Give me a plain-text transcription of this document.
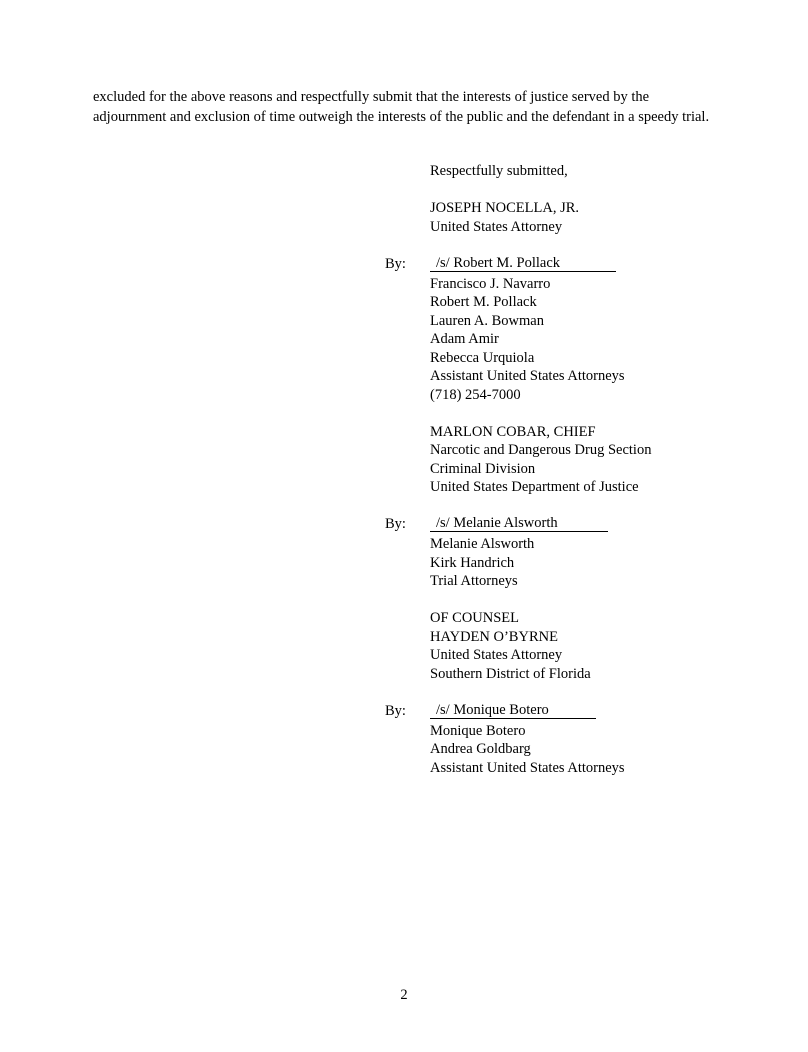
excluded for the above reasons and respectfully submit that the interests of justice served by the adjournment and exclusion of time outweigh the interests of the public and the defendant in a speedy trial.

Respectfully submitted,
JOSEPH NOCELLA, JR.
United States Attorney
By: /s/ Robert M. Pollack
Francisco J. Navarro
Robert M. Pollack
Lauren A. Bowman
Adam Amir
Rebecca Urquiola
Assistant United States Attorneys
(718) 254-7000
MARLON COBAR, CHIEF
Narcotic and Dangerous Drug Section
Criminal Division
United States Department of Justice
By: /s/ Melanie Alsworth
Melanie Alsworth
Kirk Handrich
Trial Attorneys
OF COUNSEL
HAYDEN O’BYRNE
United States Attorney
Southern District of Florida
By: /s/ Monique Botero
Monique Botero
Andrea Goldbarg
Assistant United States Attorneys
2
